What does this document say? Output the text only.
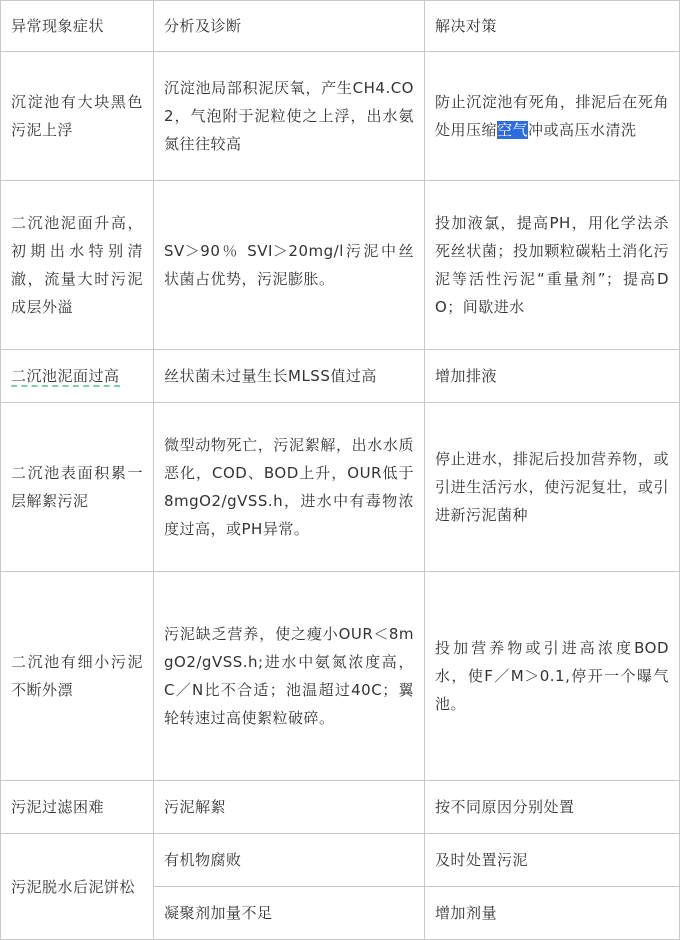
异常现象症状	分析及诊断	解决对策
沉淀池有大块黑色污泥上浮	沉淀池局部积泥厌氧，产生CH4.CO2，气泡附于泥粒使之上浮，出水氨氮往往较高	防止沉淀池有死角，排泥后在死角处用压缩空气冲或高压水清洗
二沉池泥面升高，初期出水特别清澈，流量大时污泥成层外溢	SV＞90％ SVI＞20mg/l污泥中丝状菌占优势，污泥膨胀。	投加液氯，提高PH，用化学法杀死丝状菌；投加颗粒碳粘土消化污泥等活性污泥“重量剂”；提高DO；间歇进水
二沉池泥面过高	丝状菌未过量生长MLSS值过高	增加排液
二沉池表面积累一层解絮污泥	微型动物死亡，污泥絮解，出水水质恶化，COD、BOD上升，OUR低于8mgO2/gVSS.h，进水中有毒物浓度过高，或PH异常。	停止进水，排泥后投加营养物，或引进生活污水，使污泥复壮，或引进新污泥菌种
二沉池有细小污泥不断外漂	污泥缺乏营养，使之瘦小OUR＜8mgO2/gVSS.h;进水中氨氮浓度高，C／N比不合适；池温超过40C；翼轮转速过高使絮粒破碎。	投加营养物或引进高浓度BOD水，使F／M＞0.1,停开一个曝气池。
污泥过滤困难	污泥解絮	按不同原因分别处置
污泥脱水后泥饼松	有机物腐败	及时处置污泥
	凝聚剂加量不足	增加剂量
